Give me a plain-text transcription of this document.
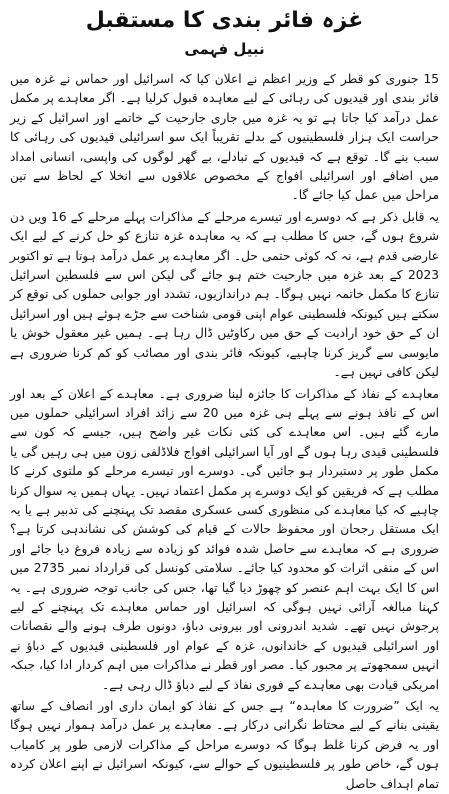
غزہ فائر بندی کا مستقبل
نبیل فہمی

15 جنوری کو قطر کے وزیر اعظم نے اعلان کیا کہ اسرائیل اور حماس نے غزہ میں فائر بندی اور قیدیوں کی رہائی کے لیے معاہدہ قبول کرلیا ہے۔ اگر معاہدے پر مکمل عمل درآمد کیا جاتا ہے تو یہ غزہ میں جاری جارحیت کے خاتمے اور اسرائیل کے زیر حراست ایک ہزار فلسطینیوں کے بدلے تقریباً ایک سو اسرائیلی قیدیوں کی رہائی کا سبب بنے گا۔ توقع ہے کہ قیدیوں کے تبادلے، بے گھر لوگوں کی واپسی، انسانی امداد میں اضافے اور اسرائیلی افواج کے مخصوص علاقوں سے انخلا کے لحاظ سے تین مراحل میں عمل کیا جائے گا۔

یہ قابل ذکر ہے کہ دوسرے اور تیسرے مرحلے کے مذاکرات پہلے مرحلے کے 16 ویں دن شروع ہوں گے، جس کا مطلب ہے کہ یہ معاہدہ غزہ تنازع کو حل کرنے کے لیے ایک عارضی قدم ہے، نہ کہ کوئی حتمی حل۔ اگر معاہدے پر عمل درآمد ہوتا ہے تو اکتوبر 2023 کے بعد غزہ میں جارحیت ختم ہو جائے گی لیکن اس سے فلسطین اسرائیل تنازع کا مکمل خاتمہ نہیں ہوگا۔ ہم دراندازیوں، تشدد اور جوابی حملوں کی توقع کر سکتے ہیں کیونکہ فلسطینی عوام اپنی قومی شناخت سے جڑے ہوئے ہیں اور اسرائیل ان کے حق خود ارادیت کے حق میں رکاوٹیں ڈال رہا ہے۔ ہمیں غیر معقول خوش یا مایوسی سے گریز کرنا چاہیے، کیونکہ فائر بندی اور مصائب کو کم کرنا ضروری ہے لیکن کافی نہیں ہے۔

معاہدے کے نفاذ کے مذاکرات کا جائزہ لینا ضروری ہے۔ معاہدے کے اعلان کے بعد اور اس کے نافذ ہونے سے پہلے ہی غزہ میں 20 سے زائد افراد اسرائیلی حملوں میں مارے گئے ہیں۔ اس معاہدے کی کئی نکات غیر واضح ہیں، جیسے کہ کون سے فلسطینی قیدی رہا ہوں گے اور آیا اسرائیلی افواج فلاڈلفی زون میں ہی رہیں گی یا مکمل طور پر دستبردار ہو جائیں گی۔ دوسرے اور تیسرے مرحلے کو ملتوی کرنے کا مطلب ہے کہ فریقین کو ایک دوسرے پر مکمل اعتماد نہیں۔ یہاں ہمیں یہ سوال کرنا چاہیے کہ کیا معاہدے کی منظوری کسی عسکری مقصد تک پہنچنے کی تدبیر ہے یا یہ ایک مستقل رجحان اور محفوظ حالات کے قیام کی کوشش کی نشاندہی کرتا ہے؟ ضروری ہے کہ معاہدے سے حاصل شدہ فوائد کو زیادہ سے زیادہ فروغ دیا جائے اور اس کے منفی اثرات کو محدود کیا جائے۔ سلامتی کونسل کی قرارداد نمبر 2735 میں اس کا ایک بہت اہم عنصر کو چھوڑ دیا گیا تھا، جس کی جانب توجہ ضروری ہے۔ یہ کہنا مبالغہ آرائی نہیں ہوگی کہ اسرائیل اور حماس معاہدے تک پہنچنے کے لیے پرجوش نہیں تھے۔ شدید اندرونی اور بیرونی دباؤ، دونوں طرف ہونے والے نقصانات اور اسرائیلی قیدیوں کے خاندانوں، غزہ کے عوام اور فلسطینی قیدیوں کے دباؤ نے انہیں سمجھوتے پر مجبور کیا۔ مصر اور قطر نے مذاکرات میں اہم کردار ادا کیا، جبکہ امریکی قیادت بھی معاہدے کے فوری نفاذ کے لیے دباؤ ڈال رہی ہے۔

یہ ایک ”ضرورت کا معاہدہ“ ہے جس کے نفاذ کو ایمان داری اور انصاف کے ساتھ یقینی بنانے کے لیے محتاط نگرانی درکار ہے۔ معاہدے پر عمل درآمد ہموار نہیں ہوگا اور یہ فرض کرنا غلط ہوگا کہ دوسرے مراحل کے مذاکرات لازمی طور پر کامیاب ہوں گے، خاص طور پر فلسطینیوں کے حوالے سے، کیونکہ اسرائیل نے اپنے اعلان کردہ تمام اہداف حاصل
